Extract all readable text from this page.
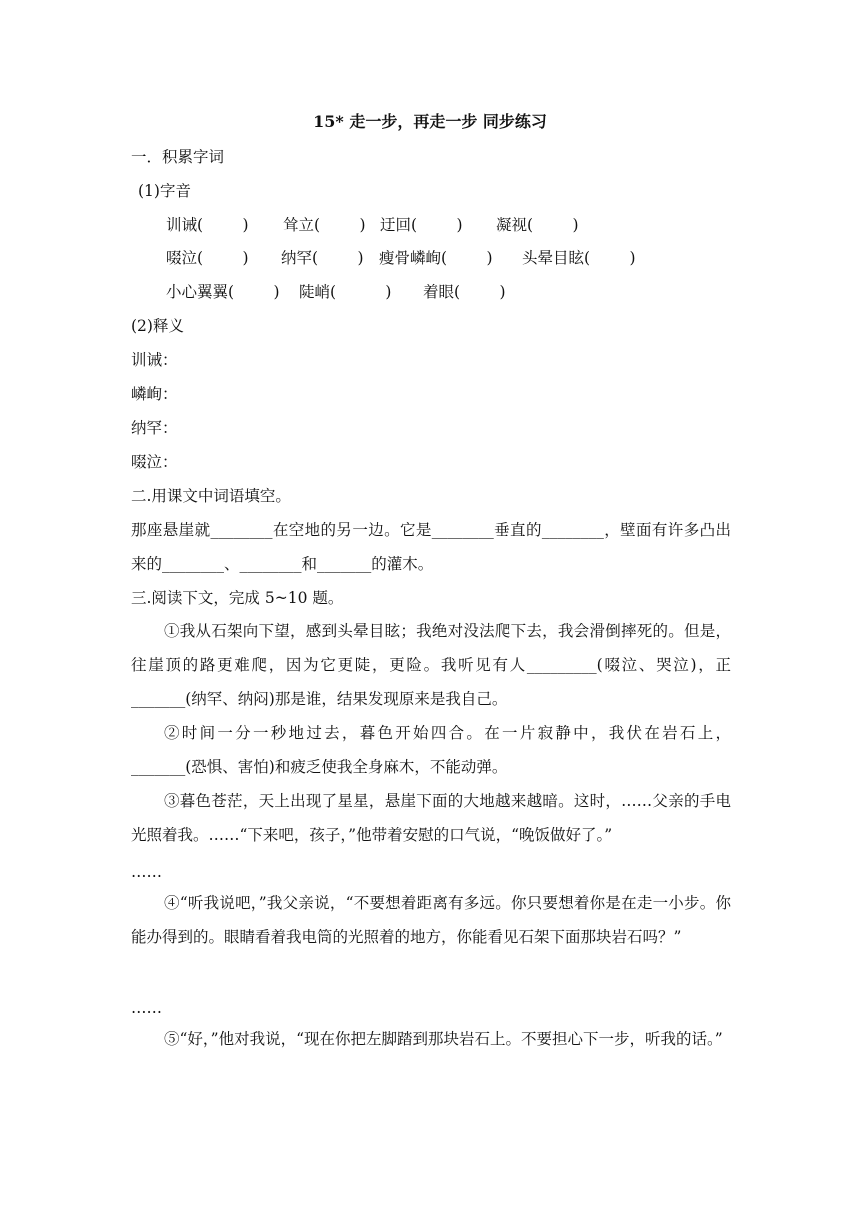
15* 走一步，再走一步 同步练习
一．积累字词
(1)字音
训诫(        ) 耸立(        ) 迂回(        ) 凝视(        )
啜泣(        ) 纳罕(        ) 瘦骨嶙峋(        ) 头晕目眩(        )
小心翼翼(        ) 陡峭(          ) 着眼(        )
(2)释义
训诫：
嶙峋：
纳罕：
啜泣：
二.用课文中词语填空。
那座悬崖就________在空地的另一边。它是________垂直的________，壁面有许多凸出来的________、________和_______的灌木。
三.阅读下文，完成 5~10 题。
①我从石架向下望，感到头晕目眩；我绝对没法爬下去，我会滑倒摔死的。但是，往崖顶的路更难爬，因为它更陡，更险。我听见有人_________(啜泣、哭泣)，正_______(纳罕、纳闷)那是谁，结果发现原来是我自己。
②时间一分一秒地过去，暮色开始四合。在一片寂静中，我伏在岩石上，_______(恐惧、害怕)和疲乏使我全身麻木，不能动弹。
③暮色苍茫，天上出现了星星，悬崖下面的大地越来越暗。这时，……父亲的手电光照着我。……“下来吧，孩子，”他带着安慰的口气说，“晚饭做好了。”
……
④“听我说吧，”我父亲说，“不要想着距离有多远。你只要想着你是在走一小步。你能办得到的。眼睛看着我电筒的光照着的地方，你能看见石架下面那块岩石吗？”
……
⑤“好，”他对我说，“现在你把左脚踏到那块岩石上。不要担心下一步，听我的话。”
